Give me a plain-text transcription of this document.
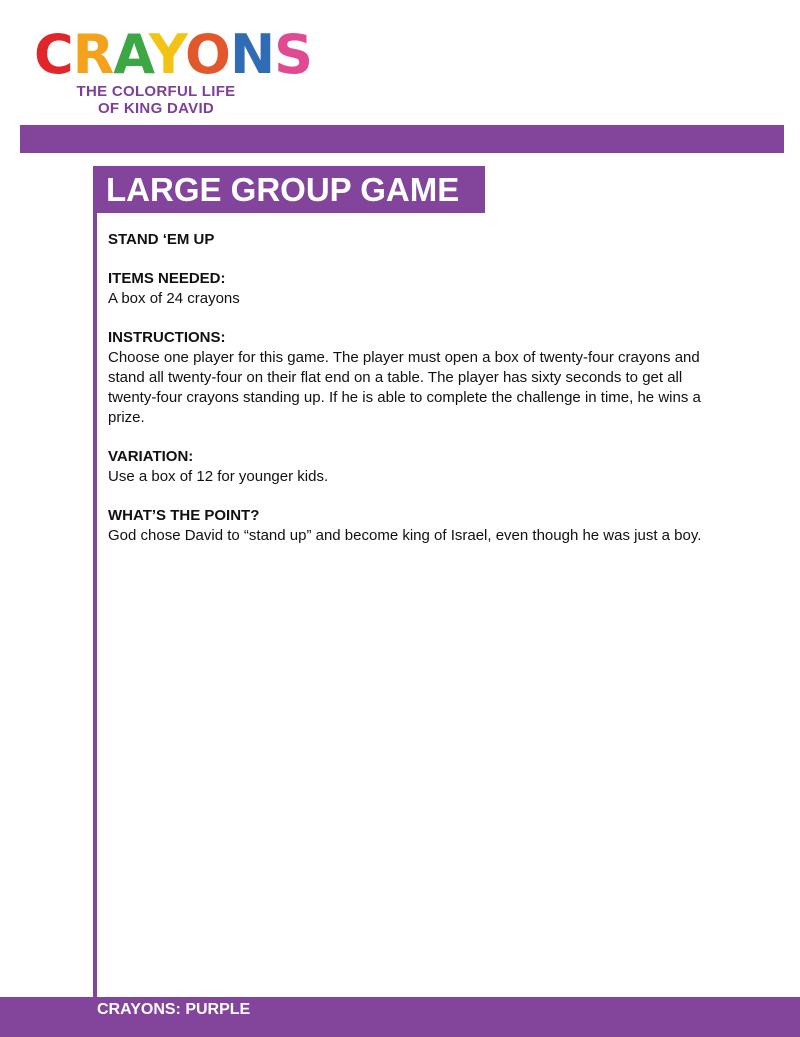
CRAYONS
THE COLORFUL LIFE
OF KING DAVID
LARGE GROUP GAME
STAND ‘EM UP
ITEMS NEEDED:
A box of 24 crayons
INSTRUCTIONS:
Choose one player for this game. The player must open a box of twenty-four crayons and stand all twenty-four on their flat end on a table. The player has sixty seconds to get all twenty-four crayons standing up. If he is able to complete the challenge in time, he wins a prize.
VARIATION:
Use a box of 12 for younger kids.
WHAT’S THE POINT?
God chose David to “stand up” and become king of Israel, even though he was just a boy.
CRAYONS: PURPLE
